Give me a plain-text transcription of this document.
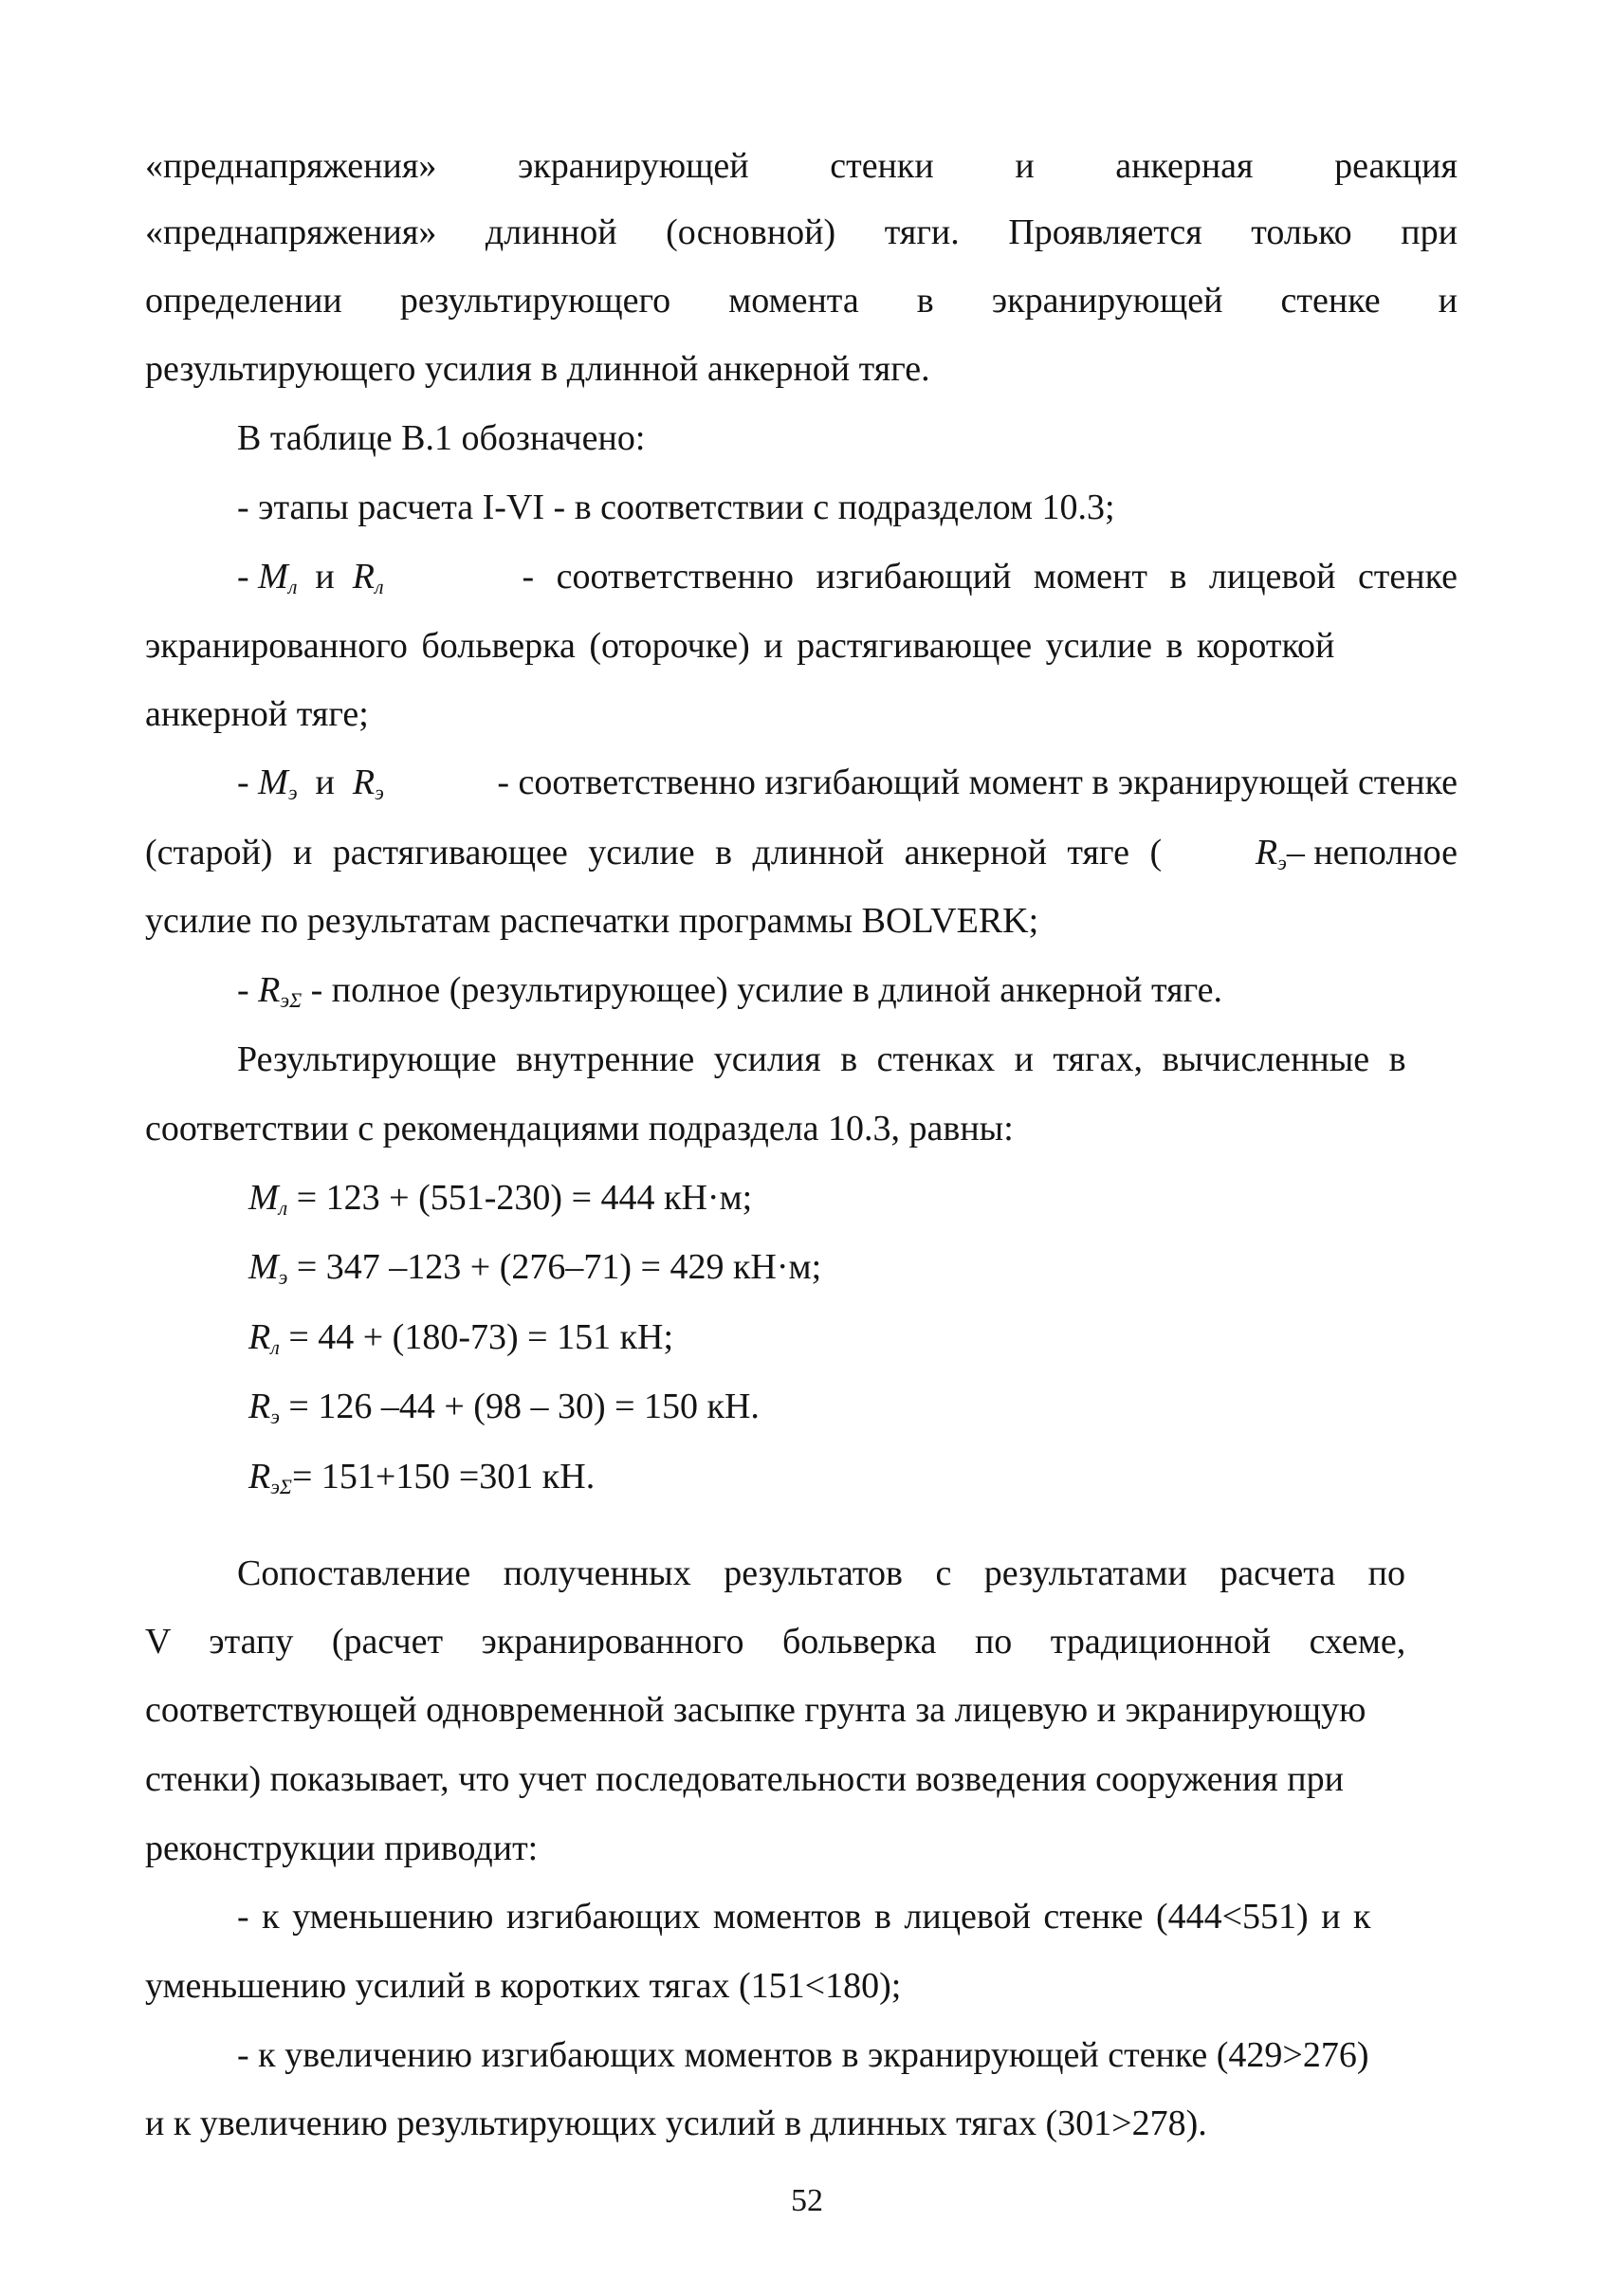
«преднапряжения» экранирующей стенки и анкерная реакция
«преднапряжения» длинной (основной) тяги. Проявляется только при
определении результирующего момента в экранирующей стенке и
результирующего усилия в длинной анкерной тяге.
В таблице В.1 обозначено:
- этапы расчета I-VI - в соответствии с подразделом 10.3;
- $M_л$ и $R_л$	- соответственно изгибающий момент в лицевой стенке
экранированного больверка (оторочке) и растягивающее усилие в короткой
анкерной тяге;
- $M_э$ и $R_э$	- соответственно изгибающий момент в экранирующей стенке
(старой) и растягивающее усилие в длинной анкерной тяге (	$R_э-$ неполное
усилие по результатам распечатки программы BOLVERK;
- $R_{э\Sigma}$ - полное (результирующее) усилие в длиной анкерной тяге.
Результирующие внутренние усилия в стенках и тягах, вычисленные в
соответствии с рекомендациями подраздела 10.3, равны:
$M_л = 123 + (551-230) = 444$ кН·м;
$M_э = 347$ –123 + (276–71) = 429 кН·м;
$R_л = 44 + (180-73) = 151$ кН;
$R_э = 126$ –44 + (98 – 30) = 150 кН.
$R_{э\Sigma}= 151+150 =301$ кН.
Сопоставление полученных результатов с результатами расчета по
V этапу (расчет экранированного больверка по традиционной схеме,
соответствующей одновременной засыпке грунта за лицевую и экранирующую
стенки) показывает, что учет последовательности возведения сооружения при
реконструкции приводит:
- к уменьшению изгибающих моментов в лицевой стенке (444<551) и к
уменьшению усилий в коротких тягах (151<180);
- к увеличению изгибающих моментов в экранирующей стенке (429>276)
и к увеличению результирующих усилий в длинных тягах (301>278).
52
